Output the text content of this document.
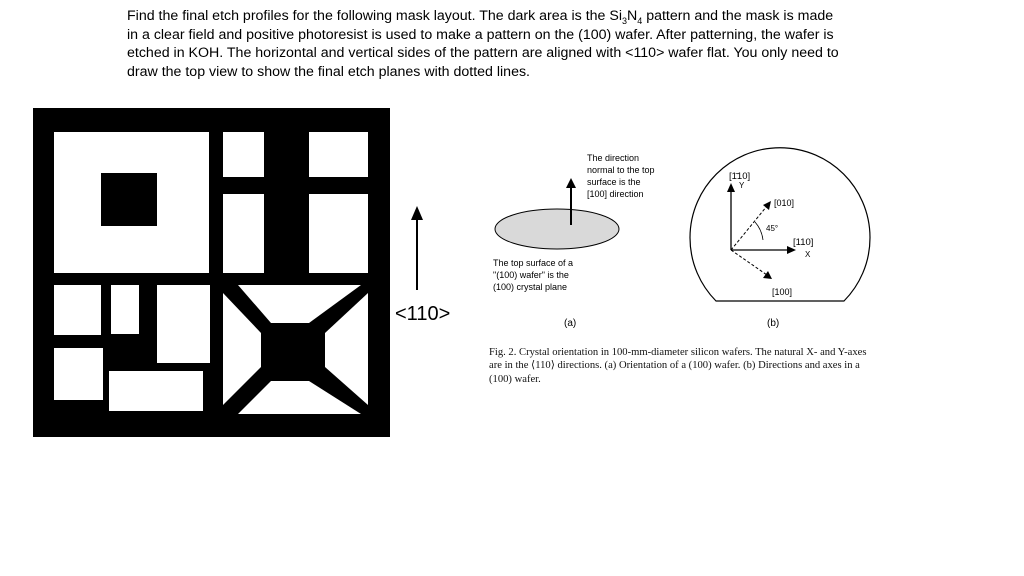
Find the final etch profiles for the following mask layout. The dark area is the $Si_3N_4$ pattern and the mask is made in a clear field and positive photoresist is used to make a pattern on the (100) wafer. After patterning, the wafer is etched in KOH. The horizontal and vertical sides of the pattern are aligned with <110> wafer flat. You only need to draw the top view to show the final etch planes with dotted lines.

<110>
The direction
normal to the top
surface is the
[100] direction
The top surface of a
"(100) wafer" is the
(100) crystal plane
(a)
[1̄10]
Y
[010]
45°
[110]
X
[100]
(b)

Fig. 2. Crystal orientation in 100-mm-diameter silicon wafers. The natural X- and Y-axes are in the ⟨110⟩ directions. (a) Orientation of a (100) wafer. (b) Directions and axes in a (100) wafer.
